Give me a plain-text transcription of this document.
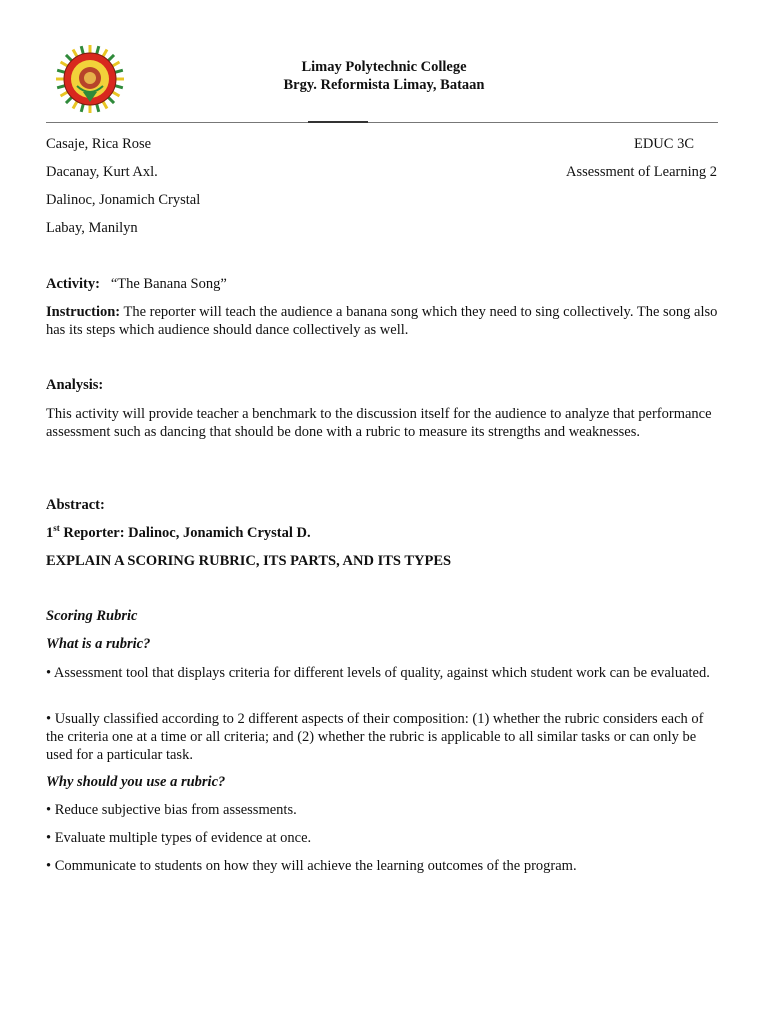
Limay Polytechnic College
Brgy. Reformista Limay, Bataan
Casaje, Rica Rose
Dacanay, Kurt Axl.
Dalinoc, Jonamich Crystal
Labay, Manilyn
EDUC 3C
Assessment of Learning 2
Activity: “The Banana Song”
Instruction: The reporter will teach the audience a banana song which they need to sing collectively. The song also has its steps which audience should dance collectively as well.
Analysis:
This activity will provide teacher a benchmark to the discussion itself for the audience to analyze that performance assessment such as dancing that should be done with a rubric to measure its strengths and weaknesses.
Abstract:
1st Reporter: Dalinoc, Jonamich Crystal D.
EXPLAIN A SCORING RUBRIC, ITS PARTS, AND ITS TYPES
Scoring Rubric
What is a rubric?
• Assessment tool that displays criteria for different levels of quality, against which student work can be evaluated.
• Usually classified according to 2 different aspects of their composition: (1) whether the rubric considers each of the criteria one at a time or all criteria; and (2) whether the rubric is applicable to all similar tasks or can only be used for a particular task.
Why should you use a rubric?
• Reduce subjective bias from assessments.
• Evaluate multiple types of evidence at once.
• Communicate to students on how they will achieve the learning outcomes of the program.
